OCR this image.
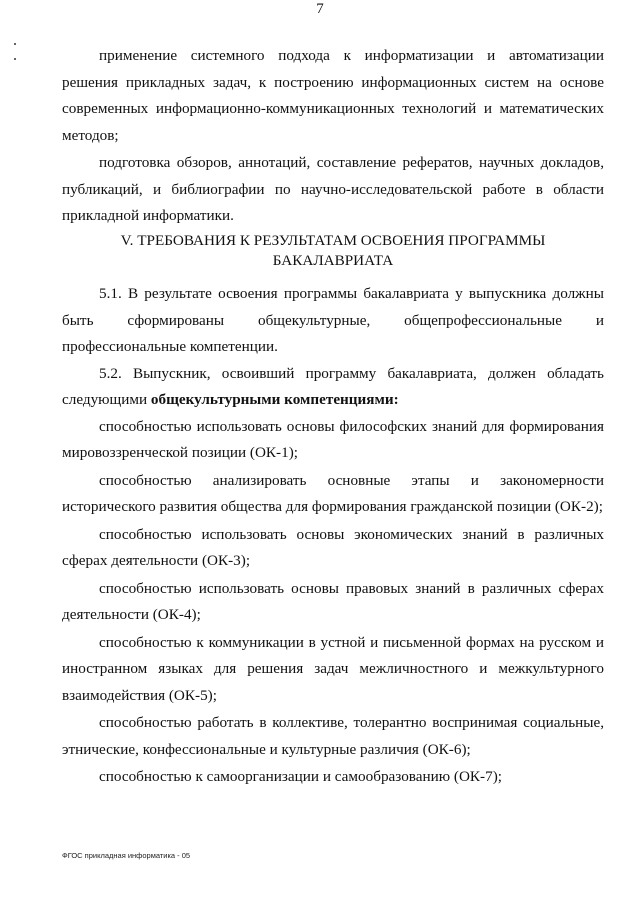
7

применение системного подхода к информатизации и автоматизации решения прикладных задач, к построению информационных систем на основе современных информационно-коммуникационных технологий и математических методов;

подготовка обзоров, аннотаций, составление рефератов, научных докладов, публикаций, и библиографии по научно-исследовательской работе в области прикладной информатики.

V. ТРЕБОВАНИЯ К РЕЗУЛЬТАТАМ ОСВОЕНИЯ ПРОГРАММЫ
БАКАЛАВРИАТА

5.1. В результате освоения программы бакалавриата у выпускника должны быть сформированы общекультурные, общепрофессиональные и профессиональные компетенции.

5.2. Выпускник, освоивший программу бакалавриата, должен обладать следующими общекультурными компетенциями:

способностью использовать основы философских знаний для формирования мировоззренческой позиции (ОК-1);

способностью анализировать основные этапы и закономерности исторического развития общества для формирования гражданской позиции (ОК-2);

способностью использовать основы экономических знаний в различных сферах деятельности (ОК-3);

способностью использовать основы правовых знаний в различных сферах деятельности (ОК-4);

способностью к коммуникации в устной и письменной формах на русском и иностранном языках для решения задач межличностного и межкультурного взаимодействия (ОК-5);

способностью работать в коллективе, толерантно воспринимая социальные, этнические, конфессиональные и культурные различия (ОК-6);

способностью к самоорганизации и самообразованию (ОК-7);

ФГОС прикладная информатика - 05
